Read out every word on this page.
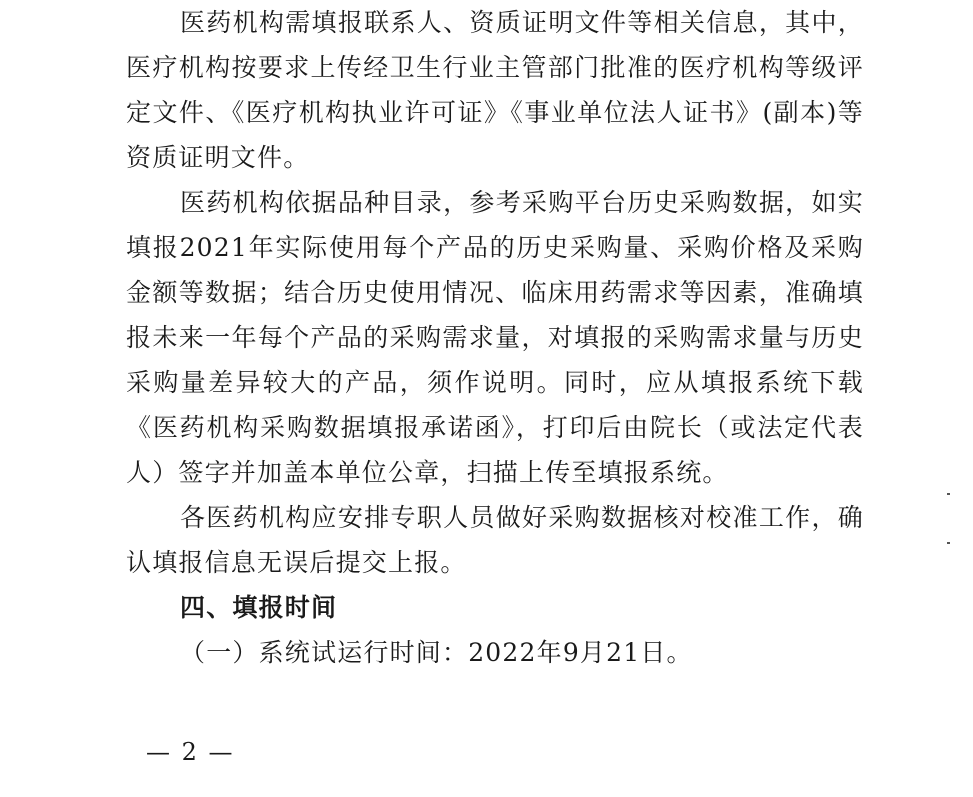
医药机构需填报联系人、资质证明文件等相关信息，其中，医疗机构按要求上传经卫生行业主管部门批准的医疗机构等级评定文件、《医疗机构执业许可证》《事业单位法人证书》(副本)等资质证明文件。

医药机构依据品种目录，参考采购平台历史采购数据，如实填报2021年实际使用每个产品的历史采购量、采购价格及采购金额等数据；结合历史使用情况、临床用药需求等因素，准确填报未来一年每个产品的采购需求量，对填报的采购需求量与历史采购量差异较大的产品，须作说明。同时，应从填报系统下载《医药机构采购数据填报承诺函》，打印后由院长（或法定代表人）签字并加盖本单位公章，扫描上传至填报系统。

各医药机构应安排专职人员做好采购数据核对校准工作，确认填报信息无误后提交上报。

四、填报时间

（一）系统试运行时间：2022年9月21日。

— 2 —
